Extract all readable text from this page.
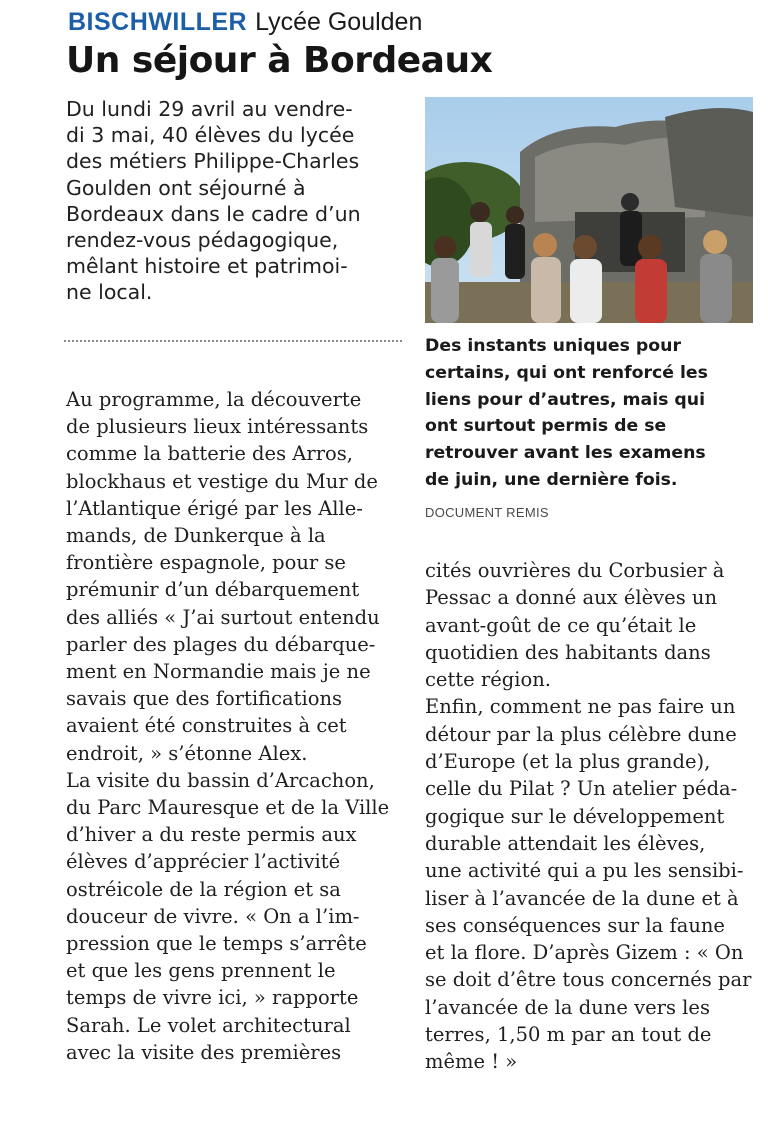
BISCHWILLER Lycée Goulden
Un séjour à Bordeaux
Du lundi 29 avril au vendre-
di 3 mai, 40 élèves du lycée
des métiers Philippe-Charles
Goulden ont séjourné à
Bordeaux dans le cadre d’un
rendez-vous pédagogique,
mêlant histoire et patrimoi-
ne local.
Des instants uniques pour
certains, qui ont renforcé les
liens pour d’autres, mais qui
ont surtout permis de se
retrouver avant les examens
de juin, une dernière fois.
DOCUMENT REMIS
Au programme, la découverte
de plusieurs lieux intéressants
comme la batterie des Arros,
blockhaus et vestige du Mur de
l’Atlantique érigé par les Alle-
mands, de Dunkerque à la
frontière espagnole, pour se
prémunir d’un débarquement
des alliés « J’ai surtout entendu
parler des plages du débarque-
ment en Normandie mais je ne
savais que des fortifications
avaient été construites à cet
endroit, » s’étonne Alex.
La visite du bassin d’Arcachon,
du Parc Mauresque et de la Ville
d’hiver a du reste permis aux
élèves d’apprécier l’activité
ostréicole de la région et sa
douceur de vivre. « On a l’im-
pression que le temps s’arrête
et que les gens prennent le
temps de vivre ici, » rapporte
Sarah. Le volet architectural
avec la visite des premières
cités ouvrières du Corbusier à
Pessac a donné aux élèves un
avant-goût de ce qu’était le
quotidien des habitants dans
cette région.
Enfin, comment ne pas faire un
détour par la plus célèbre dune
d’Europe (et la plus grande),
celle du Pilat ? Un atelier péda-
gogique sur le développement
durable attendait les élèves,
une activité qui a pu les sensibi-
liser à l’avancée de la dune et à
ses conséquences sur la faune
et la flore. D’après Gizem : « On
se doit d’être tous concernés par
l’avancée de la dune vers les
terres, 1,50 m par an tout de
même ! »
